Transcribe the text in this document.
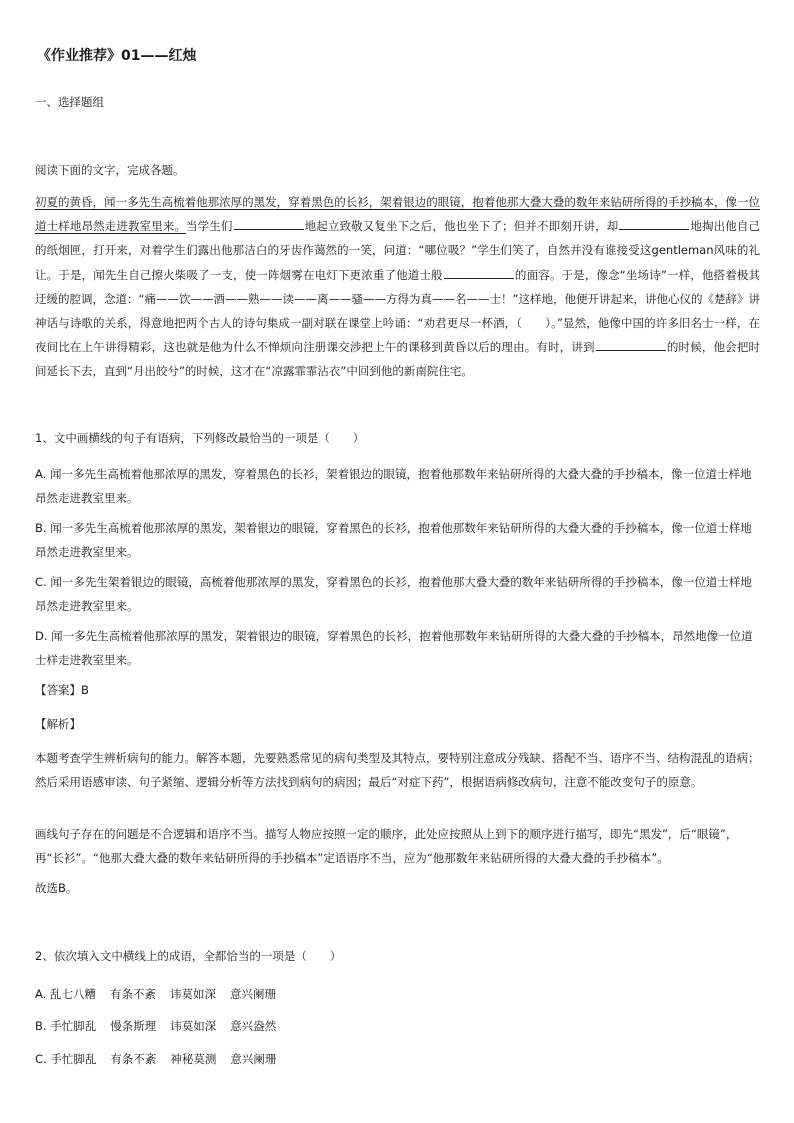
《作业推荐》01——红烛
一、选择题组
阅读下面的文字，完成各题。
初夏的黄昏，闻一多先生高梳着他那浓厚的黑发，穿着黑色的长衫，架着银边的眼镜，抱着他那大叠大叠的数年来钻研所得的手抄稿本，像一位道士样地昂然走进教室里来。当学生们	地起立致敬又复坐下之后，他也坐下了；但并不即刻开讲，却	地掏出他自己的纸烟匣，打开来，对着学生们露出他那洁白的牙齿作蔼然的一笑，问道：“哪位吸？”学生们笑了，自然并没有谁接受这gentleman风味的礼让。于是，闻先生自己擦火柴吸了一支，使一阵烟雾在电灯下更浓重了他道士般	的面容。于是，像念“坐场诗”一样，他搭着极其迂缓的腔调，念道：“痛——饮——酒——熟——读——离——骚——方得为真——名——士！”这样地，他便开讲起来，讲他心仪的《楚辞》讲神话与诗歌的关系，得意地把两个古人的诗句集成一副对联在课堂上吟诵：“劝君更尽一杯酒，（　　）。”显然，他像中国的许多旧名士一样，在夜间比在上午讲得精彩，这也就是他为什么不惮烦向注册课交涉把上午的课移到黄昏以后的理由。有时，讲到	的时候，他会把时间延长下去，直到“月出皎兮”的时候，这才在“凉露霏霏沾衣”中回到他的新南院住宅。
1、文中画横线的句子有语病，下列修改最恰当的一项是（　　）
A. 闻一多先生高梳着他那浓厚的黑发，穿着黑色的长衫，架着银边的眼镜，抱着他那数年来钻研所得的大叠大叠的手抄稿本，像一位道士样地昂然走进教室里来。
B. 闻一多先生高梳着他那浓厚的黑发，架着银边的眼镜，穿着黑色的长衫，抱着他那数年来钻研所得的大叠大叠的手抄稿本，像一位道士样地昂然走进教室里来。
C. 闻一多先生架着银边的眼镜，高梳着他那浓厚的黑发，穿着黑色的长衫，抱着他那大叠大叠的数年来钻研所得的手抄稿本，像一位道士样地昂然走进教室里来。
D. 闻一多先生高梳着他那浓厚的黑发，架着银边的眼镜，穿着黑色的长衫，抱着他那数年来钻研所得的大叠大叠的手抄稿本，昂然地像一位道士样走进教室里来。
【答案】B
【解析】
本题考查学生辨析病句的能力。解答本题，先要熟悉常见的病句类型及其特点，要特别注意成分残缺、搭配不当、语序不当、结构混乱的语病；然后采用语感审读、句子紧缩、逻辑分析等方法找到病句的病因；最后“对症下药”，根据语病修改病句，注意不能改变句子的原意。
画线句子存在的问题是不合逻辑和语序不当。描写人物应按照一定的顺序，此处应按照从上到下的顺序进行描写，即先“黑发”，后“眼镜”，再“长衫”。“他那大叠大叠的数年来钻研所得的手抄稿本”定语语序不当，应为“他那数年来钻研所得的大叠大叠的手抄稿本”。
故选B。
2、依次填入文中横线上的成语，全都恰当的一项是（　　）
A. 乱七八糟 有条不紊 讳莫如深 意兴阑珊
B. 手忙脚乱 慢条斯理 讳莫如深 意兴盎然
C. 手忙脚乱 有条不紊 神秘莫测 意兴阑珊
